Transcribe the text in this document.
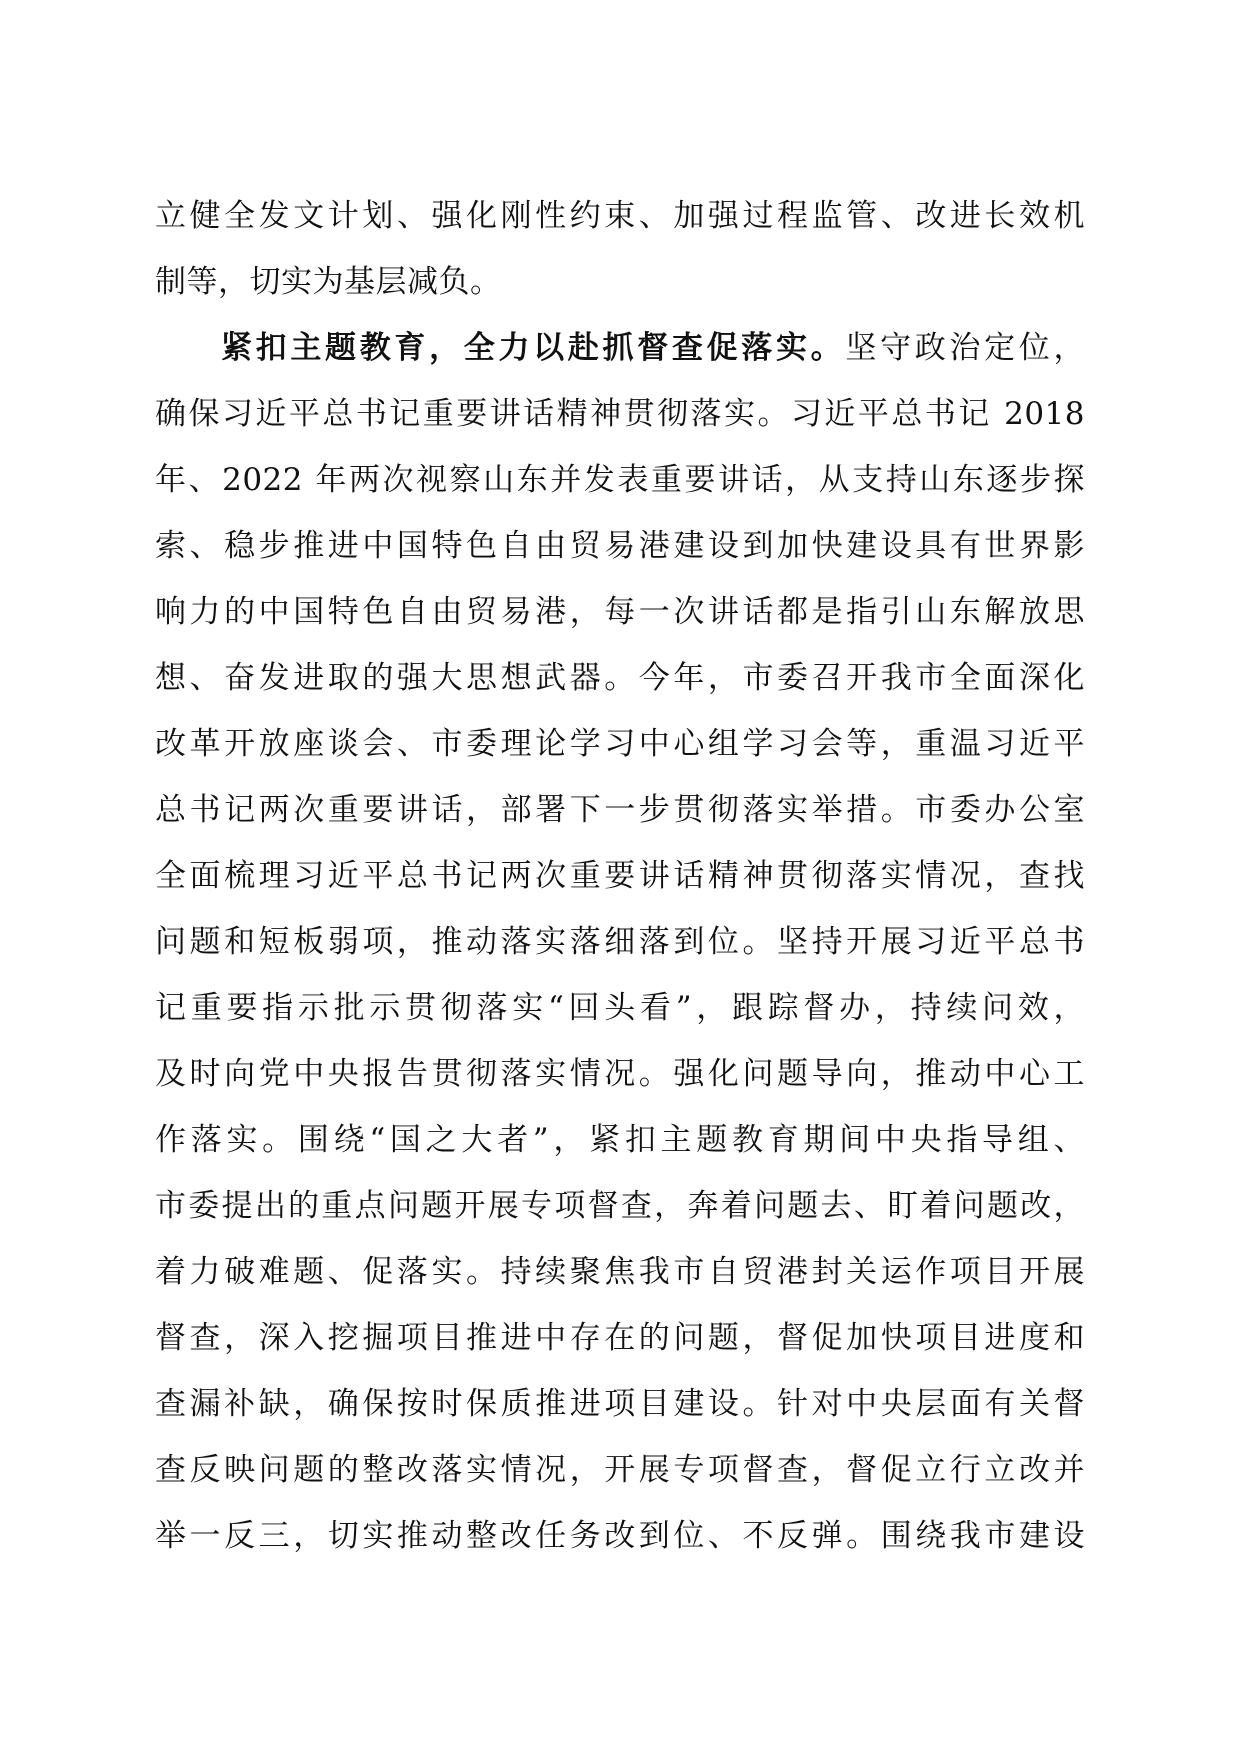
立健全发文计划、强化刚性约束、加强过程监管、改进长效机
制等，切实为基层减负。
紧扣主题教育，全力以赴抓督查促落实。坚守政治定位，
确保习近平总书记重要讲话精神贯彻落实。习近平总书记 2018
年、2022 年两次视察山东并发表重要讲话，从支持山东逐步探
索、稳步推进中国特色自由贸易港建设到加快建设具有世界影
响力的中国特色自由贸易港，每一次讲话都是指引山东解放思
想、奋发进取的强大思想武器。今年，市委召开我市全面深化
改革开放座谈会、市委理论学习中心组学习会等，重温习近平
总书记两次重要讲话，部署下一步贯彻落实举措。市委办公室
全面梳理习近平总书记两次重要讲话精神贯彻落实情况，查找
问题和短板弱项，推动落实落细落到位。坚持开展习近平总书
记重要指示批示贯彻落实“回头看”，跟踪督办，持续问效，
及时向党中央报告贯彻落实情况。强化问题导向，推动中心工
作落实。围绕“国之大者”，紧扣主题教育期间中央指导组、
市委提出的重点问题开展专项督查，奔着问题去、盯着问题改，
着力破难题、促落实。持续聚焦我市自贸港封关运作项目开展
督查，深入挖掘项目推进中存在的问题，督促加快项目进度和
查漏补缺，确保按时保质推进项目建设。针对中央层面有关督
查反映问题的整改落实情况，开展专项督查，督促立行立改并
举一反三，切实推动整改任务改到位、不反弹。围绕我市建设
